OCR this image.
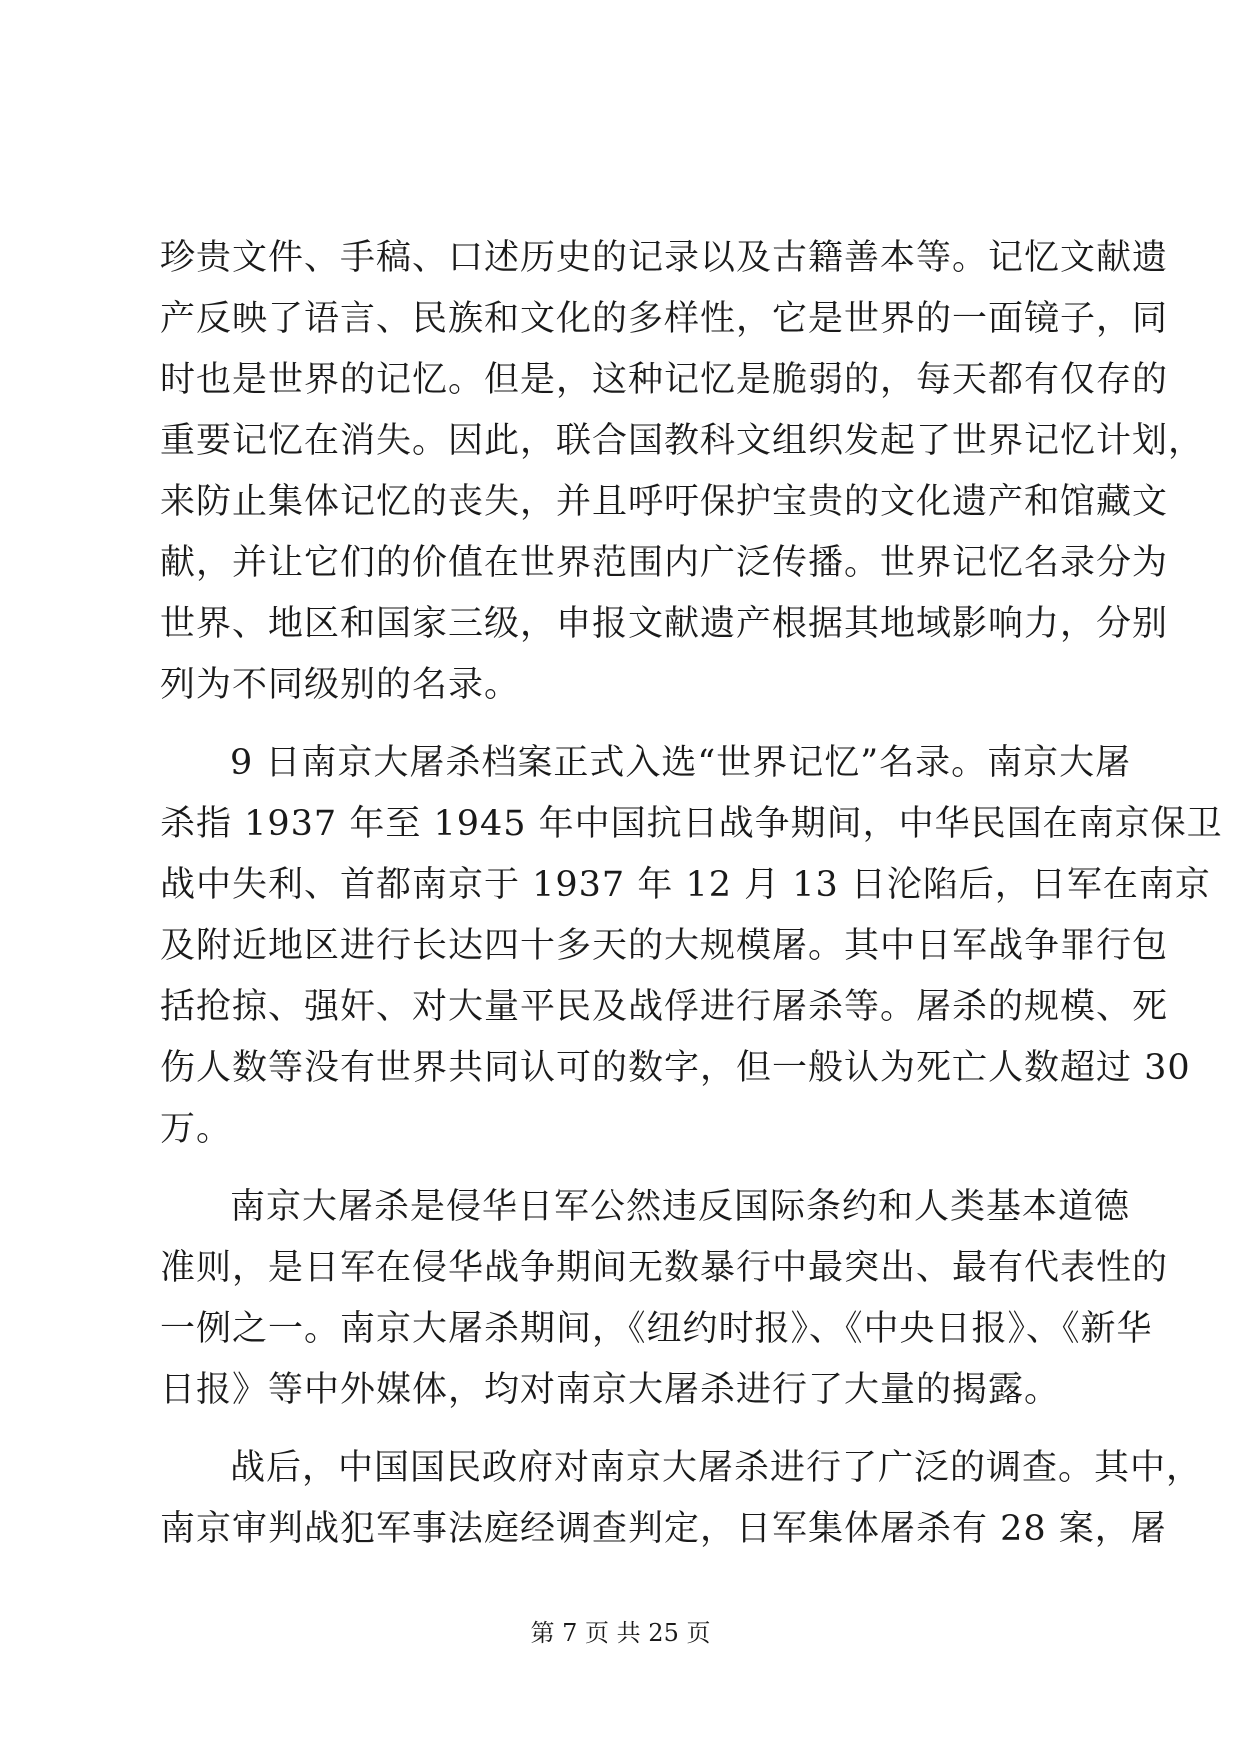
珍贵文件、手稿、口述历史的记录以及古籍善本等。记忆文献遗
产反映了语言、民族和文化的多样性，它是世界的一面镜子，同
时也是世界的记忆。但是，这种记忆是脆弱的，每天都有仅存的
重要记忆在消失。因此，联合国教科文组织发起了世界记忆计划，
来防止集体记忆的丧失，并且呼吁保护宝贵的文化遗产和馆藏文
献，并让它们的价值在世界范围内广泛传播。世界记忆名录分为
世界、地区和国家三级，申报文献遗产根据其地域影响力，分别
列为不同级别的名录。
9 日南京大屠杀档案正式入选“世界记忆”名录。南京大屠
杀指 1937 年至 1945 年中国抗日战争期间，中华民国在南京保卫
战中失利、首都南京于 1937 年 12 月 13 日沦陷后，日军在南京
及附近地区进行长达四十多天的大规模屠。其中日军战争罪行包
括抢掠、强奸、对大量平民及战俘进行屠杀等。屠杀的规模、死
伤人数等没有世界共同认可的数字，但一般认为死亡人数超过 30
万。
南京大屠杀是侵华日军公然违反国际条约和人类基本道德
准则，是日军在侵华战争期间无数暴行中最突出、最有代表性的
一例之一。南京大屠杀期间，《纽约时报》、《中央日报》、《新华
日报》等中外媒体，均对南京大屠杀进行了大量的揭露。
战后，中国国民政府对南京大屠杀进行了广泛的调查。其中，
南京审判战犯军事法庭经调查判定，日军集体屠杀有 28 案，屠
第 7 页 共 25 页
